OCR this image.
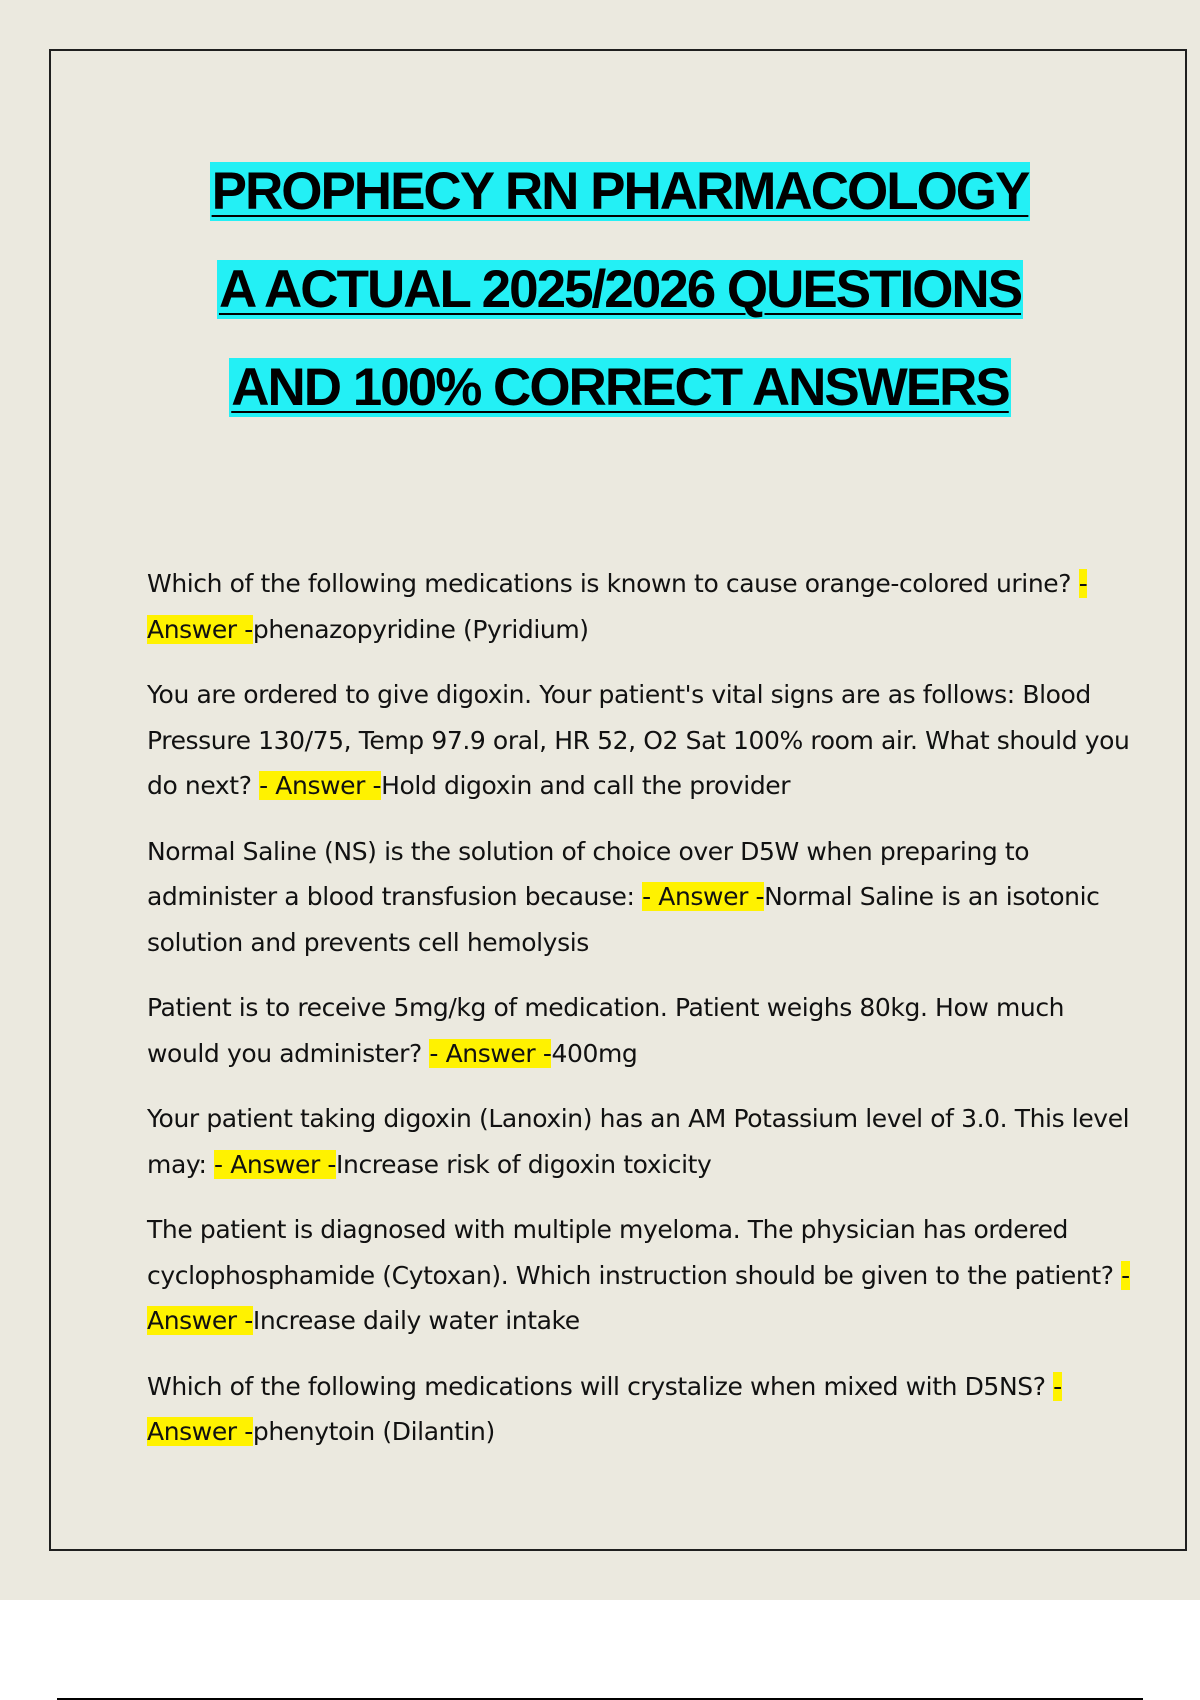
PROPHECY RN PHARMACOLOGY
A ACTUAL 2025/2026 QUESTIONS
AND 100% CORRECT ANSWERS
Which of the following medications is known to cause orange-colored urine? - Answer -phenazopyridine (Pyridium)
You are ordered to give digoxin. Your patient's vital signs are as follows: Blood Pressure 130/75, Temp 97.9 oral, HR 52, O2 Sat 100% room air. What should you do next? - Answer -Hold digoxin and call the provider
Normal Saline (NS) is the solution of choice over D5W when preparing to administer a blood transfusion because: - Answer -Normal Saline is an isotonic solution and prevents cell hemolysis
Patient is to receive 5mg/kg of medication. Patient weighs 80kg. How much would you administer? - Answer -400mg
Your patient taking digoxin (Lanoxin) has an AM Potassium level of 3.0. This level may: - Answer -Increase risk of digoxin toxicity
The patient is diagnosed with multiple myeloma. The physician has ordered cyclophosphamide (Cytoxan). Which instruction should be given to the patient? - Answer -Increase daily water intake
Which of the following medications will crystalize when mixed with D5NS? - Answer -phenytoin (Dilantin)
